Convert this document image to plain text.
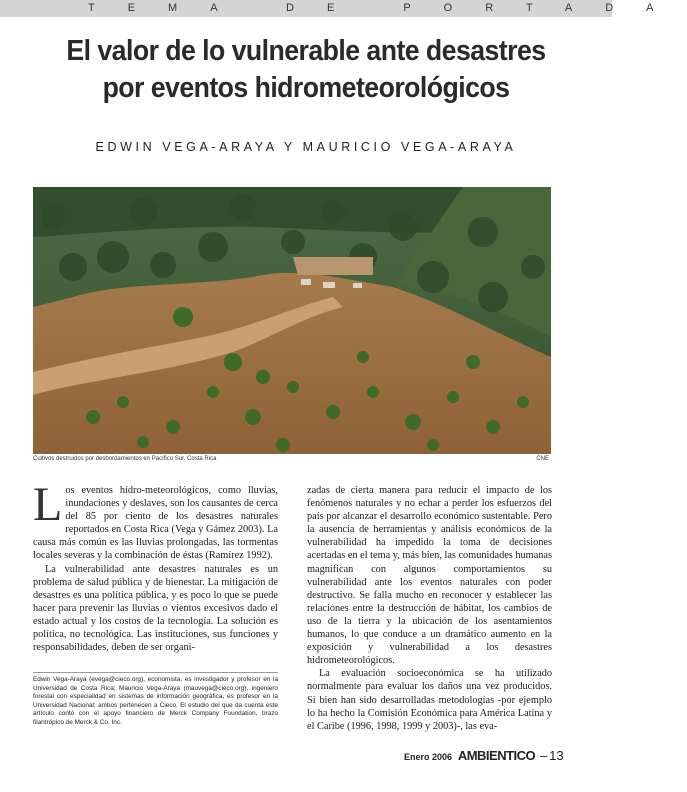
TEMA DE PORTADA
El valor de lo vulnerable ante desastres
por eventos hidrometeorológicos
EDWIN VEGA-ARAYA Y MAURICIO VEGA-ARAYA
Cultivos destruidos por desbordamientos en Pacífico Sur, Costa Rica	CNE

Los eventos hidro-meteorológicos, como lluvias, inundaciones y deslaves, son los causantes de cerca del 85 por ciento de los desastres naturales reportados en Costa Rica (Vega y Gámez 2003). La causa más común es las lluvias prolongadas, las tormentas locales severas y la combinación de éstas (Ramírez 1992).

La vulnerabilidad ante desastres naturales es un problema de salud pública y de bienestar. La mitigación de desastres es una política pública, y es poco lo que se puede hacer para prevenir las lluvias o vientos excesivos dado el estado actual y los costos de la tecnología. La solución es política, no tecnológica. Las instituciones, sus funciones y responsabilidades, deben de ser organi-

zadas de cierta manera para reducir el impacto de los fenómenos naturales y no echar a perder los esfuerzos del país por alcanzar el desarrollo económico sustentable. Pero la ausencia de herramientas y análisis económicos de la vulnerabilidad ha impedido la toma de decisiones acertadas en el tema y, más bien, las comunidades humanas magnifican con algunos comportamientos su vulnerabilidad ante los eventos naturales con poder destructivo. Se falla mucho en reconocer y establecer las relaciones entre la destrucción de hábitat, los cambios de uso de la tierra y la ubicación de los asentamientos humanos, lo que conduce a un dramático aumento en la exposición y vulnerabilidad a los desastres hidrometeorológicos.

La evaluación socioeconómica se ha utilizado normalmente para evaluar los daños una vez producidos. Si bien han sido desarrolladas metodologías -por ejemplo lo ha hecho la Comisión Económica para América Latina y el Caribe (1996, 1998, 1999 y 2003)-, las eva-

Edwin Vega-Araya (evega@cieco.org), economista, es investigador y profesor en la Universidad de Costa Rica; Mauricio Vega-Araya (mauvega@cieco.org), ingeniero forestal con especialidad en sistemas de información geográfica, es profesor en la Universidad Nacional; ambos pertenecen a Cieco. El estudio del que da cuenta este artículo contó con el apoyo financiero de Merck Company Foundation, brazo filantrópico de Merck & Co. Inc.
Enero 2006 AMBIENTICO – 13
